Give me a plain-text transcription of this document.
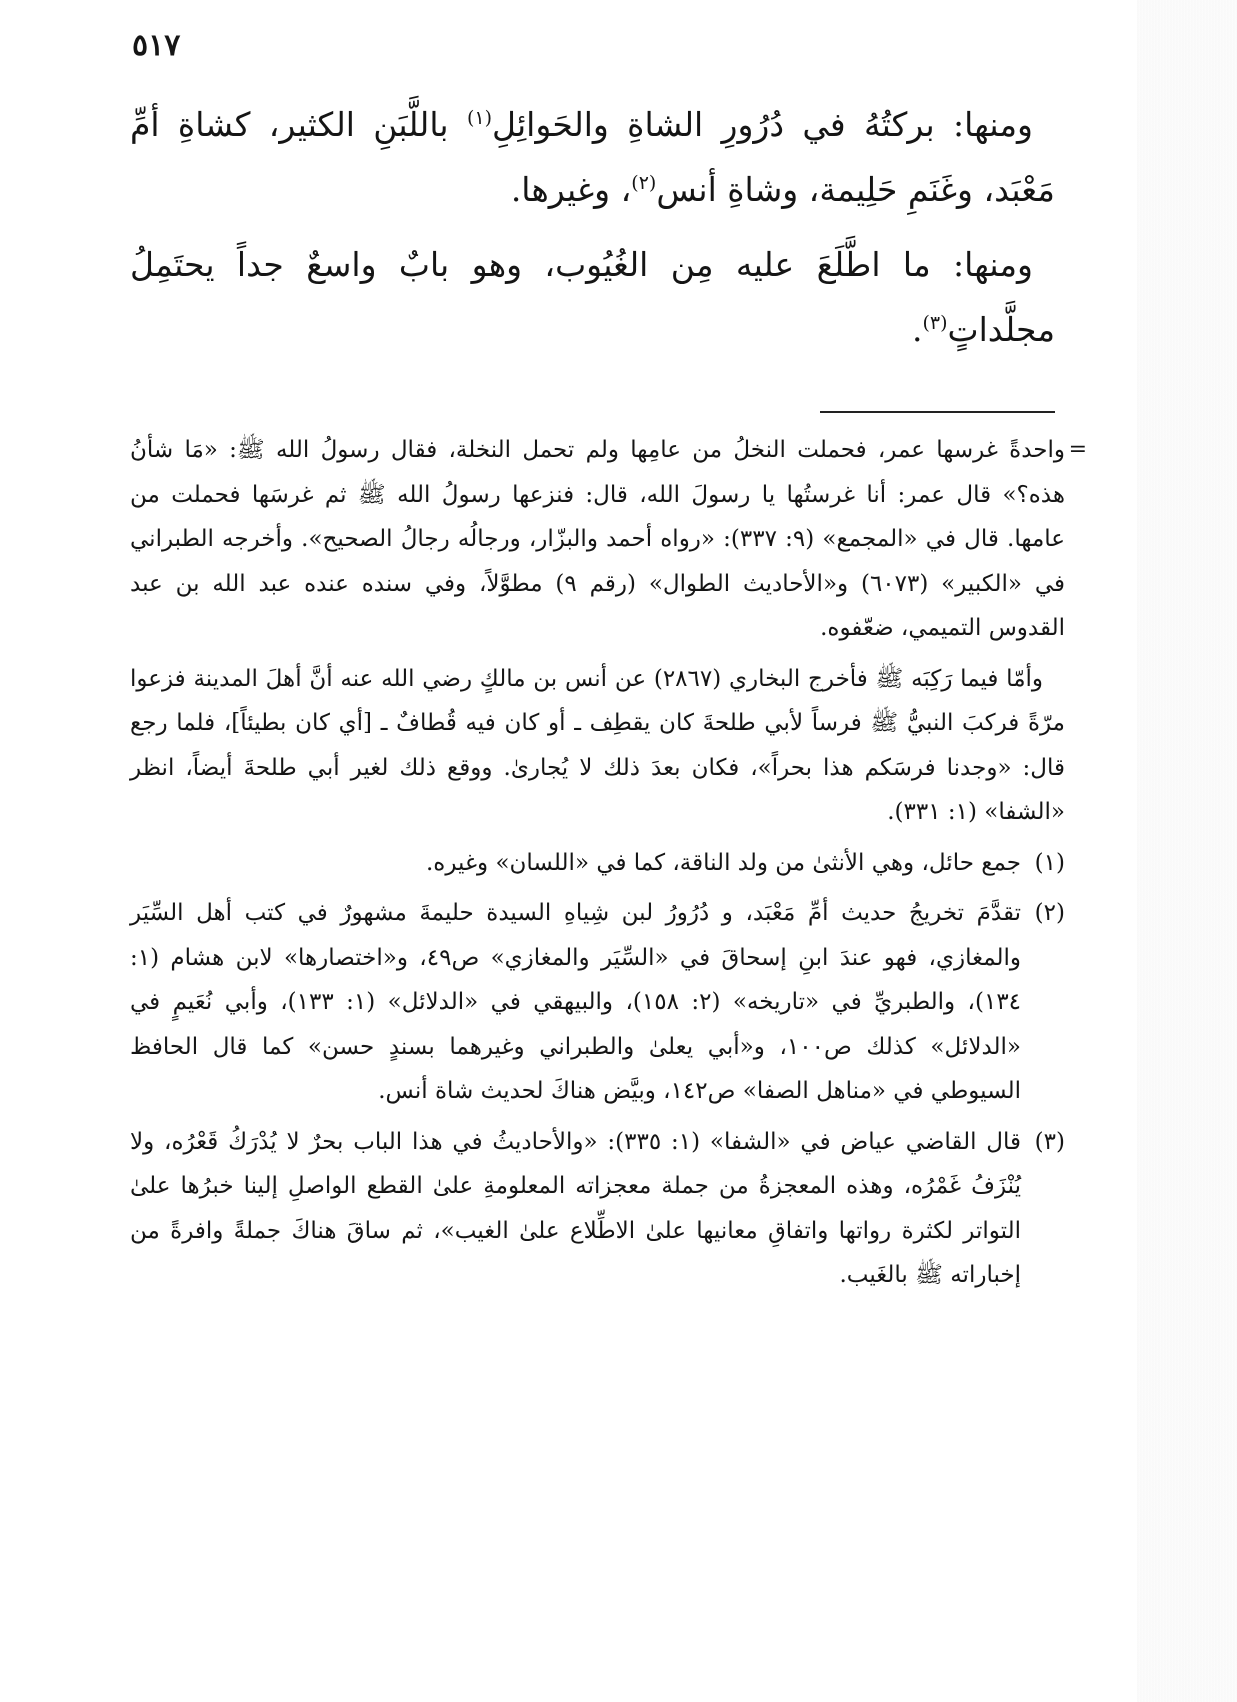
٥١٧

ومنها: بركتُهُ في دُرُورِ الشاةِ والحَوائِلِ$^{(١)}$ باللَّبَنِ الكثير، كشاةِ أمِّ مَعْبَد، وغَنَمِ حَلِيمة، وشاةِ أنس$^{(٢)}$، وغيرها.

ومنها: ما اطَّلَعَ عليه مِن الغُيُوب، وهو بابٌ واسعٌ جداً يحتَمِلُ مجلَّداتٍ$^{(٣)}$.

=
واحدةً غرسها عمر، فحملت النخلُ من عامِها ولم تحمل النخلة، فقال رسولُ الله ﷺ: «مَا شأنُ هذه؟» قال عمر: أنا غرستُها يا رسولَ الله، قال: فنزعها رسولُ الله ﷺ ثم غرسَها فحملت من عامها. قال في «المجمع» (٩: ٣٣٧): «رواه أحمد والبزّار، ورجالُه رجالُ الصحيح». وأخرجه الطبراني في «الكبير» (٦٠٧٣) و«الأحاديث الطوال» (رقم ٩) مطوَّلاً، وفي سنده عنده عبد الله بن عبد القدوس التميمي، ضعّفوه.

وأمّا فيما رَكِبَه ﷺ فأخرج البخاري (٢٨٦٧) عن أنس بن مالكٍ رضي الله عنه أنَّ أهلَ المدينة فزعوا مرّةً فركبَ النبيُّ ﷺ فرساً لأبي طلحةَ كان يقطِف ـ أو كان فيه قُطافٌ ـ [أي كان بطيئاً]، فلما رجع قال: «وجدنا فرسَكم هذا بحراً»، فكان بعدَ ذلك لا يُجارىٰ. ووقع ذلك لغير أبي طلحةَ أيضاً، انظر «الشفا» (١: ٣٣١).

(١)
جمع حائل، وهي الأنثىٰ من ولد الناقة، كما في «اللسان» وغيره.
(٢)
تقدَّمَ تخريجُ حديث أمِّ مَعْبَد، و دُرُورُ لبن شِياهِ السيدة حليمةَ مشهورٌ في كتب أهل السِّيَر والمغازي، فهو عندَ ابنِ إسحاقَ في «السِّيَر والمغازي» ص٤٩، و«اختصارها» لابن هشام (١: ١٣٤)، والطبريِّ في «تاريخه» (٢: ١٥٨)، والبيهقي في «الدلائل» (١: ١٣٣)، وأبي نُعَيمٍ في «الدلائل» كذلك ص١٠٠، و«أبي يعلىٰ والطبراني وغيرهما بسندٍ حسن» كما قال الحافظ السيوطي في «مناهل الصفا» ص١٤٢، وبيَّض هناكَ لحديث شاة أنس.
(٣)
قال القاضي عياض في «الشفا» (١: ٣٣٥): «والأحاديثُ في هذا الباب بحرٌ لا يُدْرَكُ قَعْرُه، ولا يُنْزَفُ غَمْرُه، وهذه المعجزةُ من جملة معجزاته المعلومةِ علىٰ القطع الواصلِ إلينا خبرُها علىٰ التواتر لكثرة رواتها واتفاقِ معانيها علىٰ الاطِّلاع علىٰ الغيب»، ثم ساقَ هناكَ جملةً وافرةً من إخباراته ﷺ بالغَيب.
